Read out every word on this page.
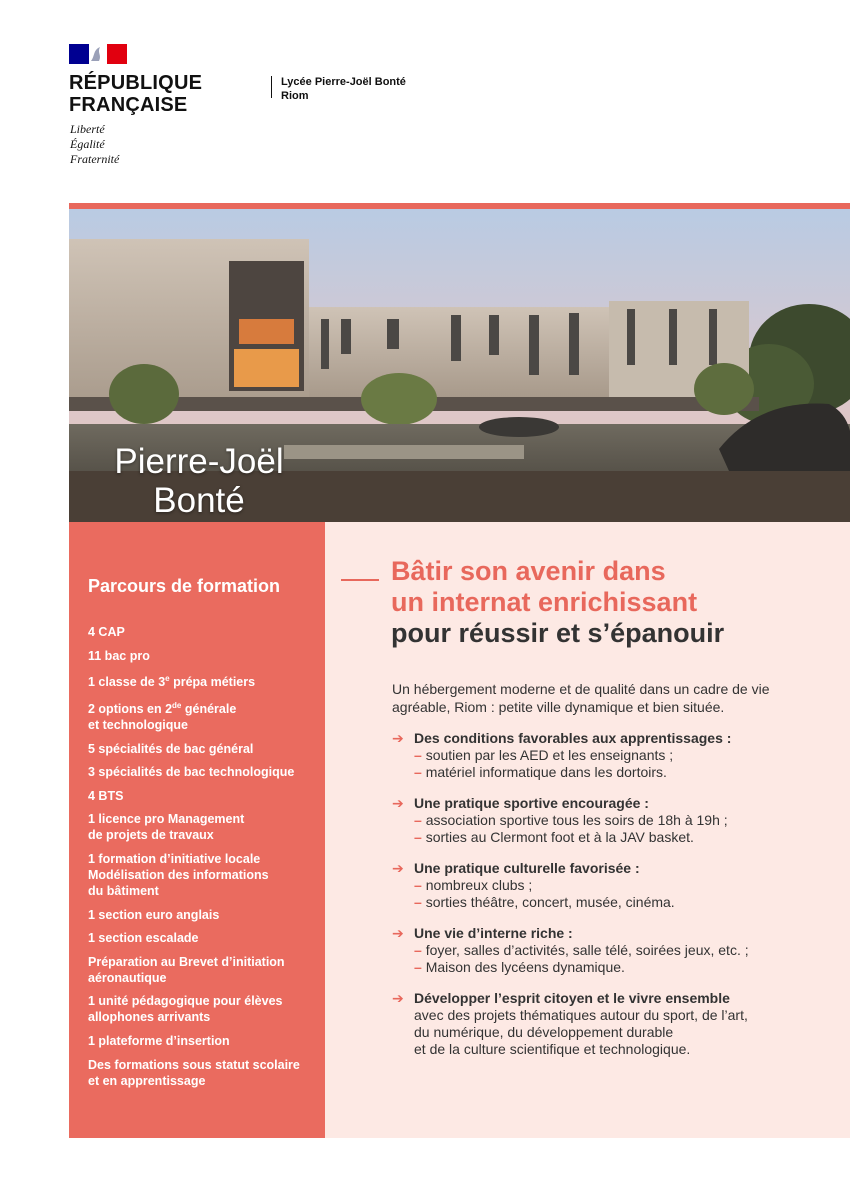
RÉPUBLIQUE
FRANÇAISE
Liberté
Égalité
Fraternité
Lycée Pierre-Joël Bonté
Riom
Pierre-Joël
Bonté
Parcours de formation
4 CAP
11 bac pro
1 classe de 3e prépa métiers
2 options en 2de générale
et technologique
5 spécialités de bac général
3 spécialités de bac technologique
4 BTS
1 licence pro Management
de projets de travaux
1 formation d’initiative locale
Modélisation des informations
du bâtiment
1 section euro anglais
1 section escalade
Préparation au Brevet d’initiation
aéronautique
1 unité pédagogique pour élèves
allophones arrivants
1 plateforme d’insertion
Des formations sous statut scolaire
et en apprentissage
Bâtir son avenir dans
un internat enrichissant
pour réussir et s’épanouir
Un hébergement moderne et de qualité dans un cadre de vie agréable, Riom : petite ville dynamique et bien située.
➔ Des conditions favorables aux apprentissages :
– soutien par les AED et les enseignants ;
– matériel informatique dans les dortoirs.
➔ Une pratique sportive encouragée :
– association sportive tous les soirs de 18h à 19h ;
– sorties au Clermont foot et à la JAV basket.
➔ Une pratique culturelle favorisée :
– nombreux clubs ;
– sorties théâtre, concert, musée, cinéma.
➔ Une vie d’interne riche :
– foyer, salles d’activités, salle télé, soirées jeux, etc. ;
– Maison des lycéens dynamique.
➔ Développer l’esprit citoyen et le vivre ensemble
avec des projets thématiques autour du sport, de l’art,
du numérique, du développement durable
et de la culture scientifique et technologique.
